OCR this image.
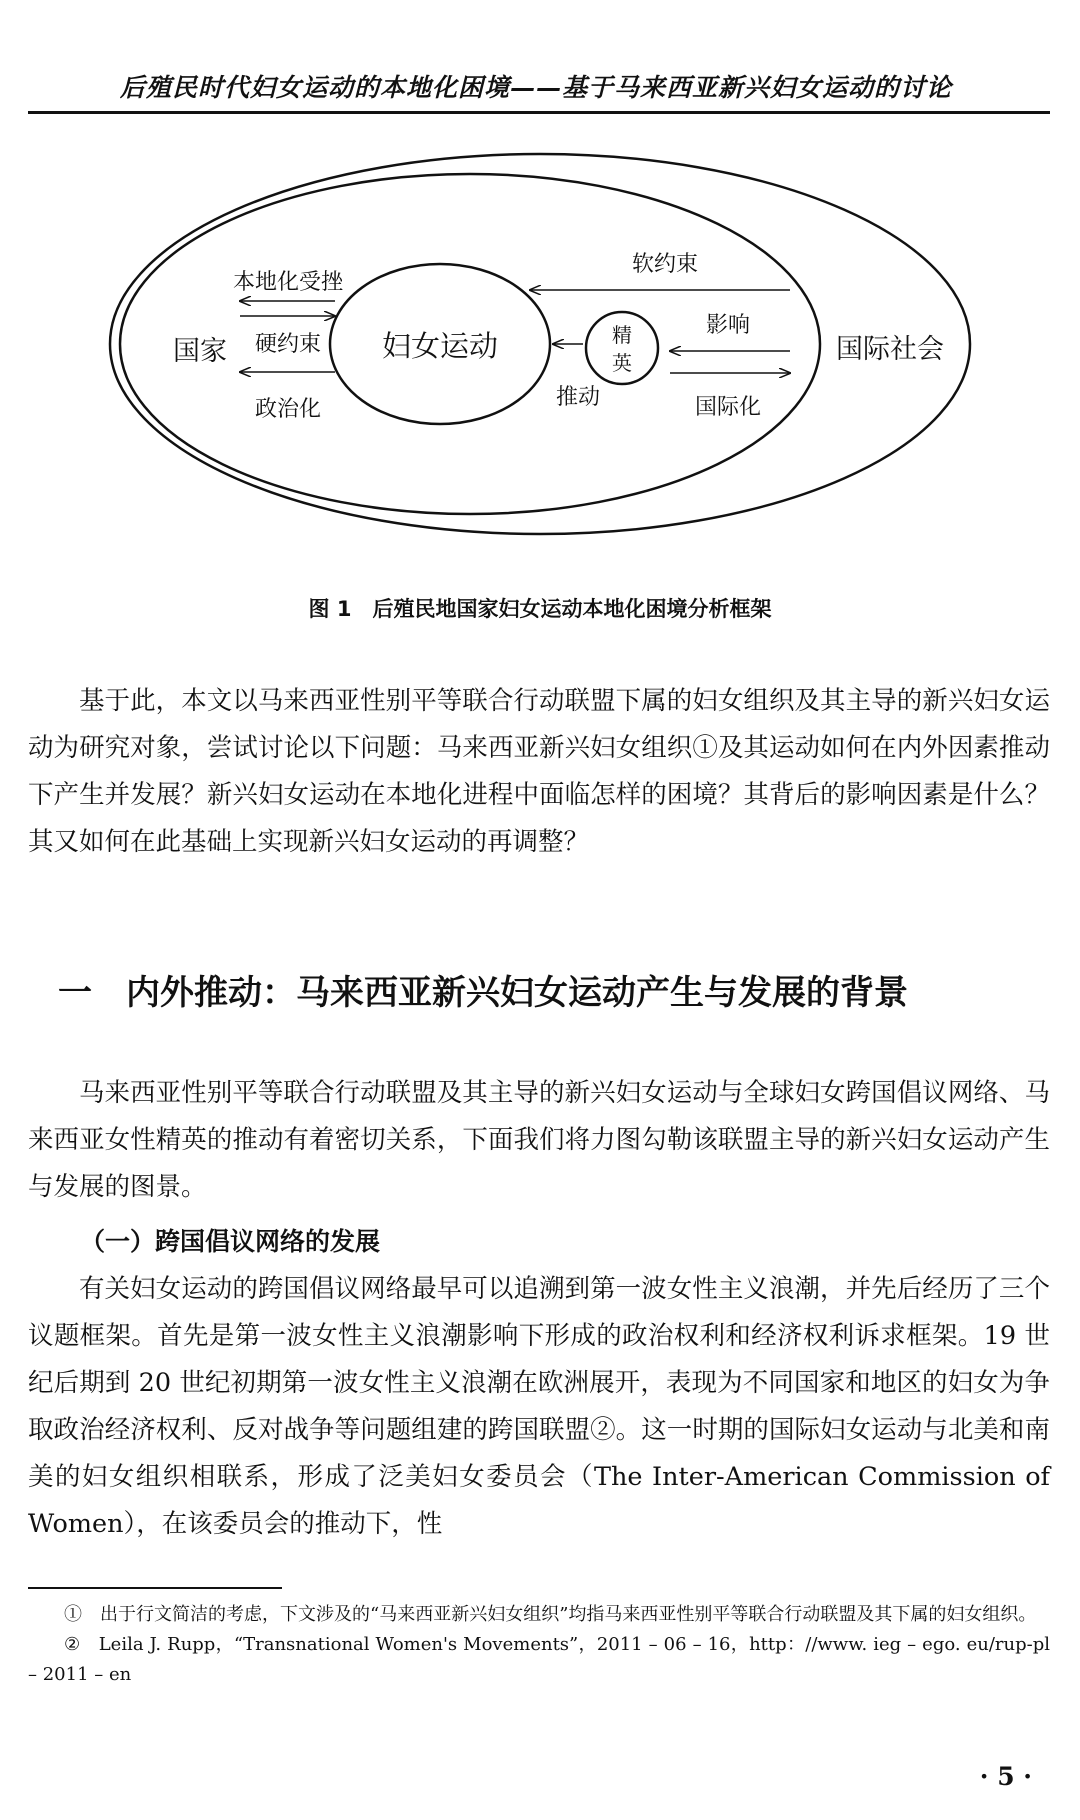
后殖民时代妇女运动的本地化困境——基于马来西亚新兴妇女运动的讨论
本地化受挫
硬约束
政治化
国家	妇女运动
软约束
影响
推动	国际化
精
英	国际社会
图 1　后殖民地国家妇女运动本地化困境分析框架

基于此，本文以马来西亚性别平等联合行动联盟下属的妇女组织及其主导的新兴妇女运动为研究对象，尝试讨论以下问题：马来西亚新兴妇女组织①及其运动如何在内外因素推动下产生并发展？新兴妇女运动在本地化进程中面临怎样的困境？其背后的影响因素是什么？其又如何在此基础上实现新兴妇女运动的再调整？

一　内外推动：马来西亚新兴妇女运动产生与发展的背景

马来西亚性别平等联合行动联盟及其主导的新兴妇女运动与全球妇女跨国倡议网络、马来西亚女性精英的推动有着密切关系，下面我们将力图勾勒该联盟主导的新兴妇女运动产生与发展的图景。

（一）跨国倡议网络的发展

有关妇女运动的跨国倡议网络最早可以追溯到第一波女性主义浪潮，并先后经历了三个议题框架。首先是第一波女性主义浪潮影响下形成的政治权利和经济权利诉求框架。19 世纪后期到 20 世纪初期第一波女性主义浪潮在欧洲展开，表现为不同国家和地区的妇女为争取政治经济权利、反对战争等问题组建的跨国联盟②。这一时期的国际妇女运动与北美和南美的妇女组织相联系，形成了泛美妇女委员会（The Inter-American Commission of Women），在该委员会的推动下，性

①　出于行文简洁的考虑，下文涉及的“马来西亚新兴妇女组织”均指马来西亚性别平等联合行动联盟及其下属的妇女组织。

②　Leila J. Rupp，“Transnational Women's Movements”，2011 – 06 – 16，http：//www. ieg – ego. eu/rup-pl – 2011 – en

· 5 ·
